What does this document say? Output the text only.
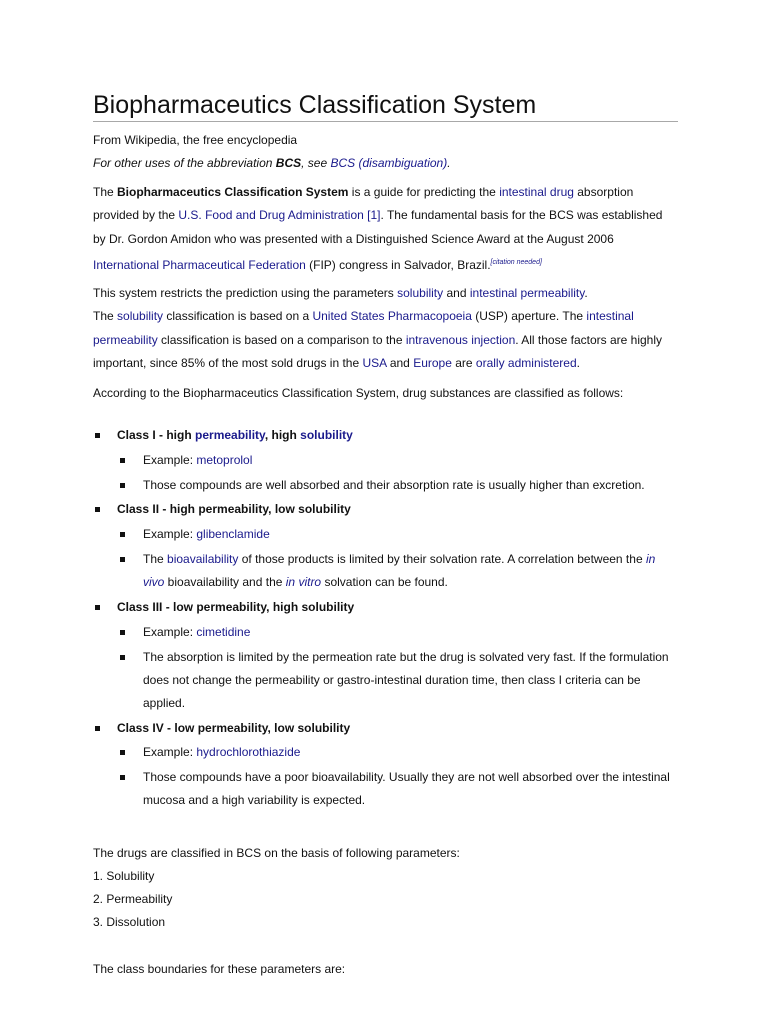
Biopharmaceutics Classification System
From Wikipedia, the free encyclopedia
For other uses of the abbreviation BCS, see BCS (disambiguation).

The Biopharmaceutics Classification System is a guide for predicting the intestinal drug absorption provided by the U.S. Food and Drug Administration [1]. The fundamental basis for the BCS was established by Dr. Gordon Amidon who was presented with a Distinguished Science Award at the August 2006 International Pharmaceutical Federation (FIP) congress in Salvador, Brazil.[citation needed]

This system restricts the prediction using the parameters solubility and intestinal permeability.
The solubility classification is based on a United States Pharmacopoeia (USP) aperture. The intestinal permeability classification is based on a comparison to the intravenous injection. All those factors are highly important, since 85% of the most sold drugs in the USA and Europe are orally administered.

According to the Biopharmaceutics Classification System, drug substances are classified as follows:

Class I - high permeability, high solubility
Example: metoprolol
Those compounds are well absorbed and their absorption rate is usually higher than excretion.
Class II - high permeability, low solubility
Example: glibenclamide
The bioavailability of those products is limited by their solvation rate. A correlation between the in vivo bioavailability and the in vitro solvation can be found.
Class III - low permeability, high solubility
Example: cimetidine
The absorption is limited by the permeation rate but the drug is solvated very fast. If the formulation does not change the permeability or gastro-intestinal duration time, then class I criteria can be applied.
Class IV - low permeability, low solubility
Example: hydrochlorothiazide
Those compounds have a poor bioavailability. Usually they are not well absorbed over the intestinal mucosa and a high variability is expected.
The drugs are classified in BCS on the basis of following parameters:
1. Solubility
2. Permeability
3. Dissolution
The class boundaries for these parameters are:
